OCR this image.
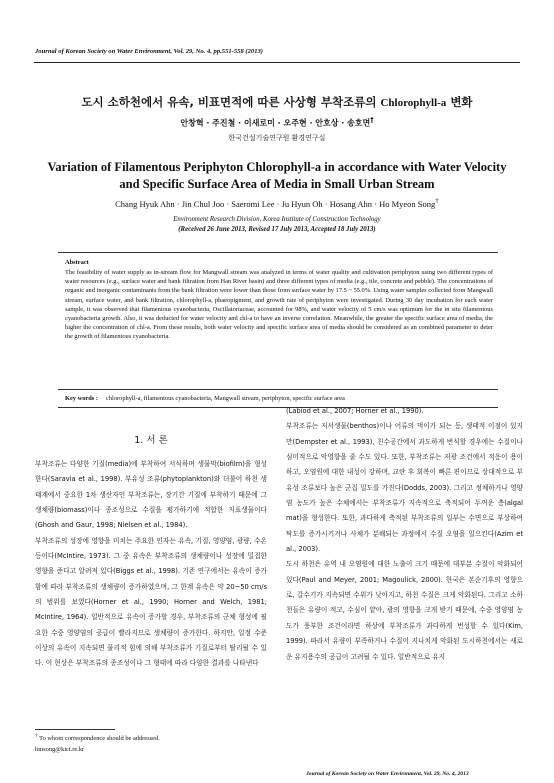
Journal of Korean Society on Water Environment, Vol. 29, No. 4, pp.551-558 (2013)
도시 소하천에서 유속, 비표면적에 따른 사상형 부착조류의 Chlorophyll-a 변화
안창혁 · 주진철 · 이새로미 · 오주현 · 안호상 · 송호면†
한국건설기술연구원 환경연구실
Variation of Filamentous Periphyton Chlorophyll-a in accordance with Water Velocity
and Specific Surface Area of Media in Small Urban Stream
Chang Hyuk Ahn · Jin Chul Joo · Saeromi Lee · Ju Hyun Oh · Hosang Ahn · Ho Myeon Song†
Environment Research Division, Korea Institute of Construction Technology
(Received 26 June 2013, Revised 17 July 2013, Accepted 18 July 2013)
Abstract
The feasibility of water supply as in-stream flow for Mangwall stream was analyzed in terms of water quality and cultivation periphyton using two different types of water resources (e.g., surface water and bank filtration from Han River basin) and three different types of media (e.g., tile, concrete and pebble). The concentrations of organic and inorganic contaminants from the bank filtration were lower than those from surface water by 17.5 ~ 55.0%. Using water samples collected from Mangwall stream, surface water, and bank filtration, chlorophyll-a, phaeopigment, and growth rate of periphyton were investigated. During 30 day incubation for each water sample, it was observed that filamentous cyanobacteria, Oscillatoriaceae, accounted for 98%, and water velocity of 5 cm/s was optimum for the in situ filamentous cyanobacteria growth. Also, it was deducted for water velocity and chl-a to have an inverse correlation. Meanwhile, the greater the specific surface area of media, the higher the concentration of chl-a. From these results, both water velocity and specific surface area of media should be considered as an combined parameter to deter the growth of filamentous cyanobacteria.
Key words : chlorophyll-a, filamentous cyanobacteria, Mangwall stream, periphyton, specific surface area
1. 서 론

부착조류는 다양한 기질(media)에 부착하여 서식하며 생물막(biofilm)을 형성한다(Saravia et al., 1998). 부유성 조류(phytoplankton)와 더불어 하천 생태계에서 중요한 1차 생산자인 부착조류는, 장기간 기질에 부착하기 때문에 그 생체량(biomass)이나 종조성으로 수질을 평가하기에 적합한 지표생물이다(Ghosh and Gaur, 1998; Nielsen et al., 1984).

부착조류의 성장에 영향을 미치는 주요한 인자는 유속, 기질, 영양염, 광량, 수온 등이다(McIntire, 1973). 그 중 유속은 부착조류의 생체량이나 성장에 밀접한 영향을 준다고 알려져 있다(Biggs et al., 1998). 기존 연구에서는 유속이 증가함에 따라 부착조류의 생체량이 증가하였으며, 그 한계 유속은 약 20~50 cm/s의 범위를 보였다(Horner et al., 1990; Horner and Welch, 1981; McIntire, 1964). 일반적으로 유속이 증가할 경우, 부착조류의 군체 형성에 필요한 수중 영양염의 공급이 빨라지므로 생체량이 증가한다. 하지만, 일정 수준 이상의 유속이 지속되면 물리적 힘에 의해 부착조류가 기질로부터 탈리될 수 있다. 이 현상은 부착조류의 종조성이나 그 형태에 따라 다양한 결과를 나타낸다

(Labiod et al., 2007; Horner et al., 1990).

부착조류는 저서생물(benthos)이나 어류의 먹이가 되는 등, 생태적 이점이 있지만(Dempster et al., 1993), 친수공간에서 과도하게 번식할 경우에는 수질이나 심미적으로 악영향을 줄 수도 있다. 또한, 부착조류는 저광 조건에서 적응이 용이하고, 오염원에 대한 내성이 강하며, 교란 후 회복이 빠른 편이므로 상대적으로 부유성 조류보다 높은 군집 밀도를 가진다(Dodds, 2003). 그리고 정체하거나 영양염 농도가 높은 수체에서는 부착조류가 지속적으로 축적되어 두꺼운 층(algal mat)을 형성한다. 또한, 과다하게 축적된 부착조류의 일부는 수면으로 부상하여 탁도를 증가시키거나 사체가 분해되는 과정에서 수질 오염을 일으킨다(Azim et al., 2003).

도시 하천은 유역 내 오염원에 대한 노출이 크기 때문에 대부분 수질이 악화되어 있다(Paul and Meyer, 2001; Magoulick, 2000). 한국은 본순기후의 영향으로, 갈수기가 지속되면 수위가 낮아지고, 하천 수질은 크게 악화된다. 그리고 소하천들은 유량이 적고, 수심이 얕아, 광의 영향을 크게 받기 때문에, 수중 영양염 농도가 풍부한 조건이라면 하상에 부착조류가 과다하게 번성할 수 있다(Kim, 1999). 따라서 유량이 부족하거나 수질이 지나치게 악화된 도시하천에서는 새로운 유지용수의 공급이 고려될 수 있다. 일반적으로 유지

† To whom correspondence should be addressed.
hmsong@kict.re.kr
Journal of Korean Society on Water Environment, Vol. 29, No. 4, 2013
